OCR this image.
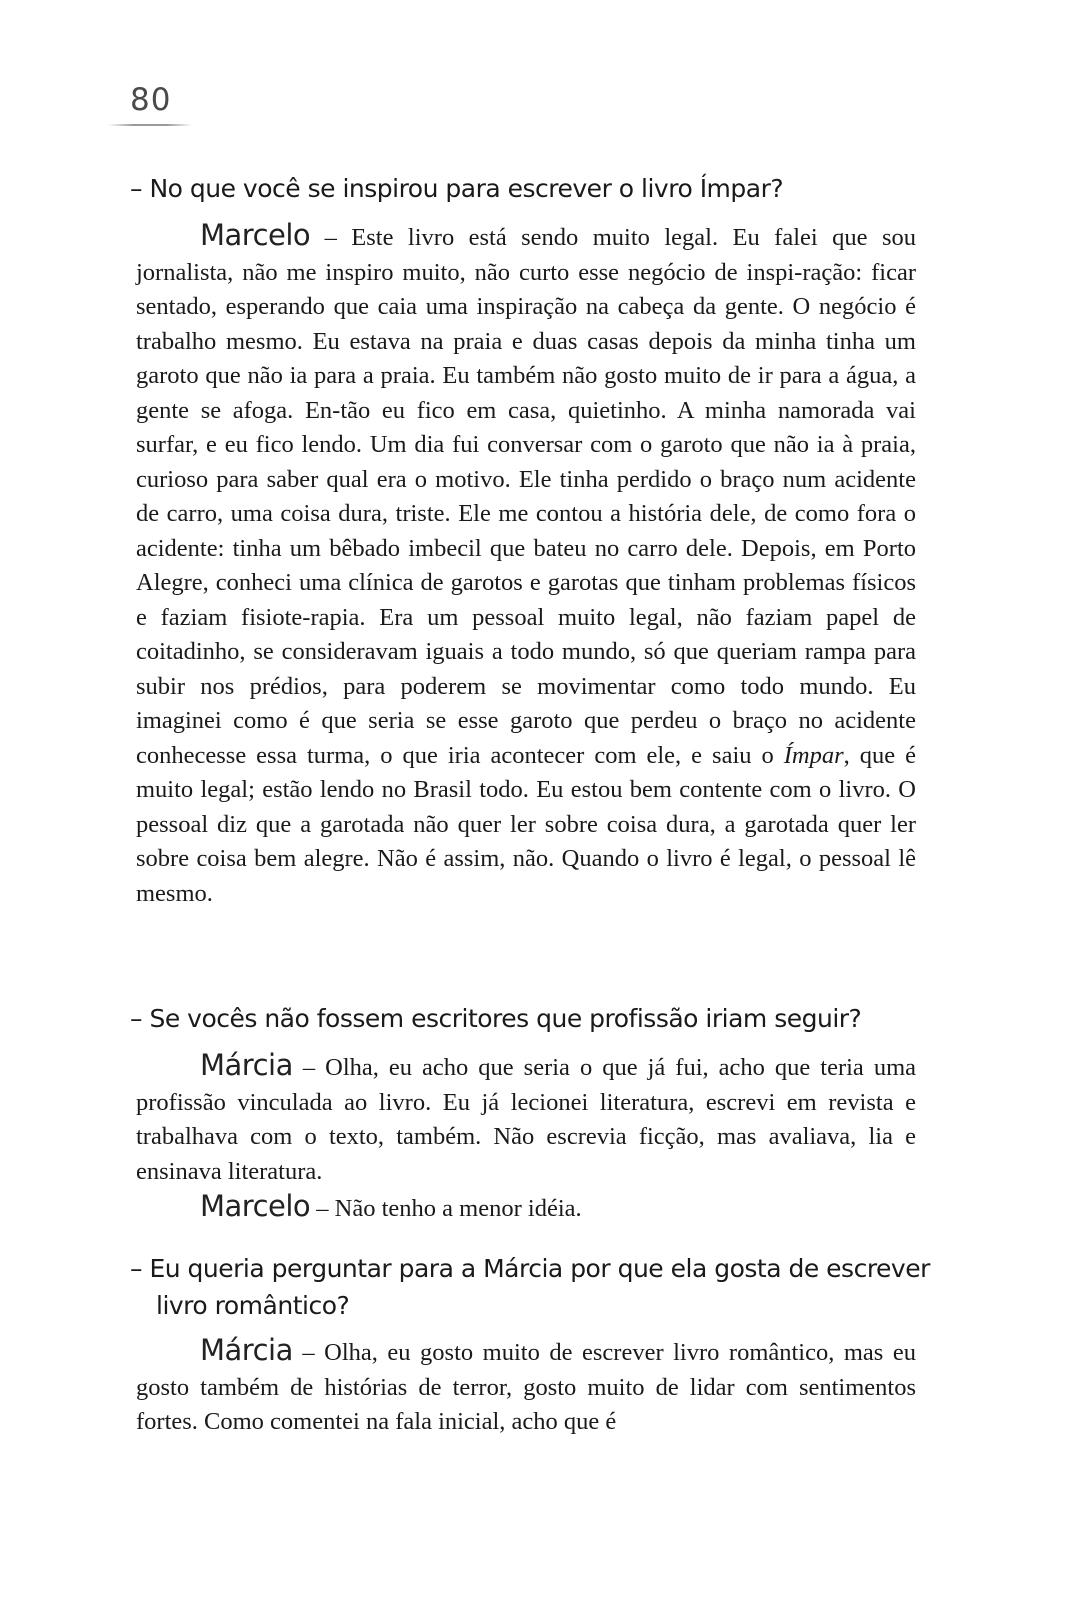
80
– No que você se inspirou para escrever o livro Ímpar?

Marcelo – Este livro está sendo muito legal. Eu falei que sou jornalista, não me inspiro muito, não curto esse negócio de inspi-ração: ficar sentado, esperando que caia uma inspiração na cabeça da gente. O negócio é trabalho mesmo. Eu estava na praia e duas casas depois da minha tinha um garoto que não ia para a praia. Eu também não gosto muito de ir para a água, a gente se afoga. En-tão eu fico em casa, quietinho. A minha namorada vai surfar, e eu fico lendo. Um dia fui conversar com o garoto que não ia à praia, curioso para saber qual era o motivo. Ele tinha perdido o braço num acidente de carro, uma coisa dura, triste. Ele me contou a história dele, de como fora o acidente: tinha um bêbado imbecil que bateu no carro dele. Depois, em Porto Alegre, conheci uma clínica de garotos e garotas que tinham problemas físicos e faziam fisiote-rapia. Era um pessoal muito legal, não faziam papel de coitadinho, se consideravam iguais a todo mundo, só que queriam rampa para subir nos prédios, para poderem se movimentar como todo mundo. Eu imaginei como é que seria se esse garoto que perdeu o braço no acidente conhecesse essa turma, o que iria acontecer com ele, e saiu o Ímpar, que é muito legal; estão lendo no Brasil todo. Eu estou bem contente com o livro. O pessoal diz que a garotada não quer ler sobre coisa dura, a garotada quer ler sobre coisa bem alegre. Não é assim, não. Quando o livro é legal, o pessoal lê mesmo.

– Se vocês não fossem escritores que profissão iriam seguir?

Márcia – Olha, eu acho que seria o que já fui, acho que teria uma profissão vinculada ao livro. Eu já lecionei literatura, escrevi em revista e trabalhava com o texto, também. Não escrevia ficção, mas avaliava, lia e ensinava literatura.

Marcelo – Não tenho a menor idéia.

– Eu queria perguntar para a Márcia por que ela gosta de escrever livro romântico?

Márcia – Olha, eu gosto muito de escrever livro romântico, mas eu gosto também de histórias de terror, gosto muito de lidar com sentimentos fortes. Como comentei na fala inicial, acho que é
